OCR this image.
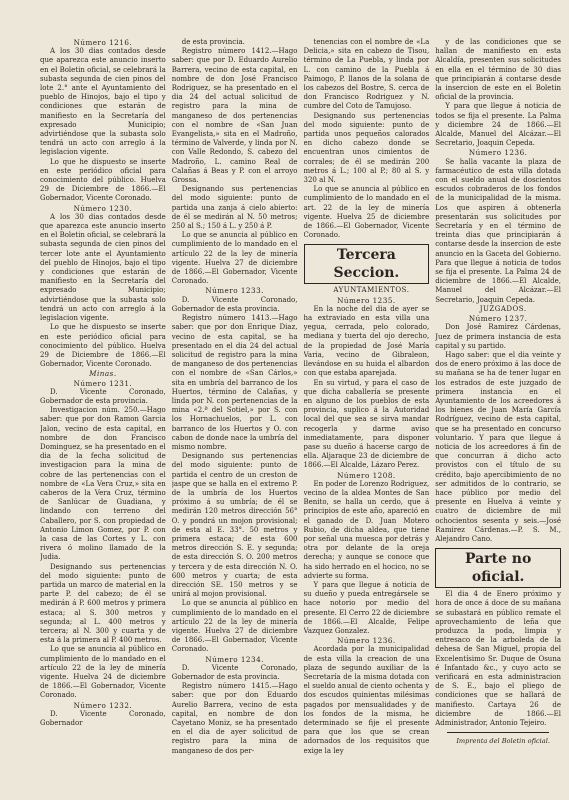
Número 1216.

A los 30 dias contados desde que aparezca este anuncio inserto en el Boletin oficial, se celebrará la subasta segunda de cien pinos del lote 2.° ante el Ayuntamiento del pueblo de Hinojos, bajo el tipo y condiciones que estarán de manifiesto en la Secretaría del expresado Municipio; advirtiéndose que la subasta solo tendrá un acto con arreglo á la legislacion vigente.

Lo que he dispuesto se inserte en este periódico oficial para conocimiento del público. Huelva 29 de Diciembre de 1866.—El Gobernador, Vicente Coronado.

Número 1230.

A los 30 dias contados desde que aparezca este anuncio inserto en el Boletin oficial, se celebrará la subasta segunda de cien pinos del tercer lote ante el Ayuntamiento del pueblo de Hinojos, bajo el tipo y condiciones que estarán de manifiesto en la Secretaría del expresado Municipio; advirtiéndose que la subasta solo tendrá un acto con arreglo á la legislacion vigente.

Lo que he dispuesto se inserte en este periódico oficial para conocimiento del público. Huelva 29 de Diciembre de 1866.—El Gobernador, Vicente Coronado.

Minas.

Número 1231.

D. Vicente Coronado, Gobernador de esta provincia.

Investigacion núm. 250.—Hago saber: que por don Ramon Garcia Jalon, vecino de esta capital, en nombre de don Francisco Dominguez, se ha presentado en el dia de la fecha solicitud de investigacion para la mina de cobre de las pertenencias con el nombre de «La Vera Cruz,» sita en caberos de la Vera Cruz, término de Sanlúcar de Guadiana, y lindando con terreno del Caballero, por S. con propiedad de Antonio Limon Gomez, por P. con la casa de las Cortes y L. con rivera ó molino llamado de la Judia.

Designando sus pertenencias del modo siguiente: punto de partida un marco de material en la parte P. del cabezo; de él se medirán á P. 600 metros y primera estaca; al S. 300 metros y segunda; al L. 400 metros y tercera; al N. 300 y cuarta y de esta á la primera al P. 400 metros.

Lo que se anuncia al público en cumplimiento de lo mandado en el artículo 22 de la ley de minería vigente. Huelva 24 de diciembre de 1866.—El Gobernador, Vicente Coronado.

Número 1232.

D. Vicente Coronado, Gobernador

de esta provincia.

Registro número 1412.—Hago saber: que por D. Eduardo Aurelio Barrera, vecino de esta capital, en nombre de don José Francisco Rodriguez, se ha presentado en el dia 24 del actual solicitud de registro para la mina de manganeso de dos pertenencias con el nombre de «San Juan Evangelista,» sita en el Madroño, término de Valverde, y linda por N. con Valle Redondo, S. cabezo del Madroño, L. camino Real de Calañas á Beas y P. con el arroyo Grossa.

Designando sus pertenencias del modo siguiente: punto de partida una zanja á cielo abierto: de él se medirán al N. 50 metros; 250 al S.; 150 á L. y 250 á P.

Lo que se anuncia al público en cumplimiento de lo mandado en el artículo 22 de la ley de minería vigente. Huelva 27 de diciembre de 1866.—El Gobernador, Vicente Coronado.

Número 1233.

D. Vicente Coronado, Gobernador de esta provincia.

Registro número 1413.—Hago saber: que por don Enrique Diaz, vecino de esta capital, se ha presentado en el dia 24 del actual solicitud de registro para la mina de manganeso de dos pertenencias con el nombre de «San Cárlos,» sita en umbría del barranco de los Huertos, término de Calañas, y linda por N. con pertenencias de la mina «2.ª del Sotiel,» por S. con los Hornachuelos, por L. con barranco de los Huertos y O. con cabon de donde nace la umbría del mismo nombre.

Designando sus pertenencias del modo siguiente: punto de partida el centro de un creston de jaspe que se halla en el extremo P. de la umbría de los Huertos próximo á su umbría; de él se medirán 120 metros dirección 56° O. y pondrá un mojon provisional; de esta al E. 33°. 50 metros y primera estaca; de esta 600 metros dirección S. E. y segunda; de esta dirección S. O. 200 metros y tercera y de esta dirección N. O. 600 metros y cuarta; de esta dirección SE. 150 metros y se unirá al mojon provisional.

Lo que se anuncia al público en cumplimiento de lo mandado en el artículo 22 de la ley de minería vigente. Huelva 27 de diciembre de 1866.—El Gobernador, Vicente Coronado.

Número 1234.

D. Vicente Coronado, Gobernador de esta provincia.

Registro número 1415.—Hago saber: que por don Eduardo Aurelio Barrera, vecino de esta capital, en nombre de don Cayetano Moniz, se ha presentado en el dia de ayer solicitud de registro para la mina de manganeso de dos per-

tenencias con el nombre de «La Delicia,» sita en cabezo de Tisou, término de La Puebla, y linda por L. con camino de la Puebla á Paimogo, P. llanos de la solana de los cabezos del Bostre, S. cerca de don Francisco Rodriguez y N. cumbre del Coto de Tamujoso.

Designando sus pertenencias del modo siguiente: punto de partida unos pequeños calorados en dicho cabezo donde se encuentran unos cimientos de corrales; de él se medirán 200 metros á L.; 100 al P.; 80 al S. y 320 al N.

Lo que se anuncia al público en cumplimiento de lo mandado en el art. 22 de la ley de minería vigente. Huelva 25 de diciembre de 1866.—El Gobernador, Vicente Coronado.

Tercera Seccion.

AYUNTAMIENTOS.

Número 1235.

En la noche del dia de ayer se ha extraviado en esta villa una yegua, cerrada, pelo colorado, mediana y tuerta del ojo derecho, de la propiedad de José María Varia, vecino de Gibraleon, llevándose en su huida el albardon con que estaba aparejada.

En su virtud, y para el caso de que dicha caballería se presente en alguno de los pueblos de esta provincia, suplico á la Autoridad local del que sea se sirva mandar recogerla y darme aviso inmediatamente, para disponer pase su dueño á hacerse cargo de ella. Aljaraque 23 de diciembre de 1866.—El Alcalde, Lázaro Perez.

Número 1208.

En poder de Lorenzo Rodriguez, vecino de la aldea Montes de San Benito, se halla un cerdo, que á principios de este año, apareció en el ganado de D. Juan Motero Rubio, de dicha aldea, que tiene por señal una muesca por detrás y otra por delante de la oreja derecha; y aunque se conoce que ha sido herrado en el hocico, no se advierte su forma.

Y para que llegue á noticia de su dueño y pueda entregársele se hace notorio por medio del presente. El Cerro 22 de diciembre de 1866.—El Alcalde, Felipe Vazquez Gonzalez.

Número 1236.

Acordada por la municipalidad de esta villa la creacion de una plaza de segundo auxiliar de la Secretaría de la misma dotada con el sueldo anual de ciento ochenta y dos escudos quinientas milésimas pagados por mensualidades y de los fondos de la misma, he determinado se fije el presente para que los que se crean adornados de los requisitos que exige la ley

y de las condiciones que se hallan de manifiesto en esta Alcaldía, presenten sus solicitudes en ella en el término de 30 dias que principiarán á contarse desde la insercion de este en el Boletin oficial de la provincia.

Y para que llegue á noticia de todos se fija el presente. La Palma y diciembre 24 de 1866.—El Alcalde, Manuel del Alcázar.—El Secretario, Joaquin Cepeda.

Número 1236.

Se halla vacante la plaza de farmacéutico de esta villa dotada con el sueldo anual de doscientos escudos cobraderos de los fondos de la municipalidad de la misma. Los que aspiren á obtenerla presentarán sus solicitudes por Secretaría y en el término de treinta dias que principiarán á contarse desde la insercion de este anuncio en la Gaceta del Gobierno. Para que llegue á noticia de todos se fija el presente. La Palma 24 de diciembre de 1866.—El Alcalde, Manuel del Alcázar.—El Secretario, Joaquin Cepeda.

JUZGADOS.

Número 1237.

Don José Ramirez Cárdenas, Juez de primera instancia de esta capital y su partido.

Hago saber: que el dia veinte y dos de enero próximo á las doce de su mañana se ha de tener lugar en los estrados de este juzgado de primera instancia en el Ayuntamiento de los acreedores á los bienes de Juan María García Rodríguez, vecino de esta capital, que se ha presentado en concurso voluntario. Y para que llegue á noticia de los acreedores á fin de que concurran á dicho acto provistos con el título de su crédito, bajo apercibimiento de no ser admitidos de lo contrario, se hace público por medio del presente en Huelva á veinte y cuatro de diciembre de mil ochocientos sesenta y seis.—José Ramirez Cárdenas.—P. S. M., Alejandro Cano.

Parte no oficial.

El dia 4 de Enero próximo y hora de once á doce de su mañana se subastará en público remate el aprovechamiento de leña que produzca la poda, limpia y entresaco de la arboleda de la dehesa de San Miguel, propia del Excelentísimo Sr. Duque de Osuna é Infantado &c., y cuyo acto se verificará en esta administracion de S. E., bajo el pliego de condiciones que se hallará de manifiesto. Cartaya 26 de diciembre de 1866.—El Administrador, Antonio Tejeiro.

Imprenta del Boletin oficial.
